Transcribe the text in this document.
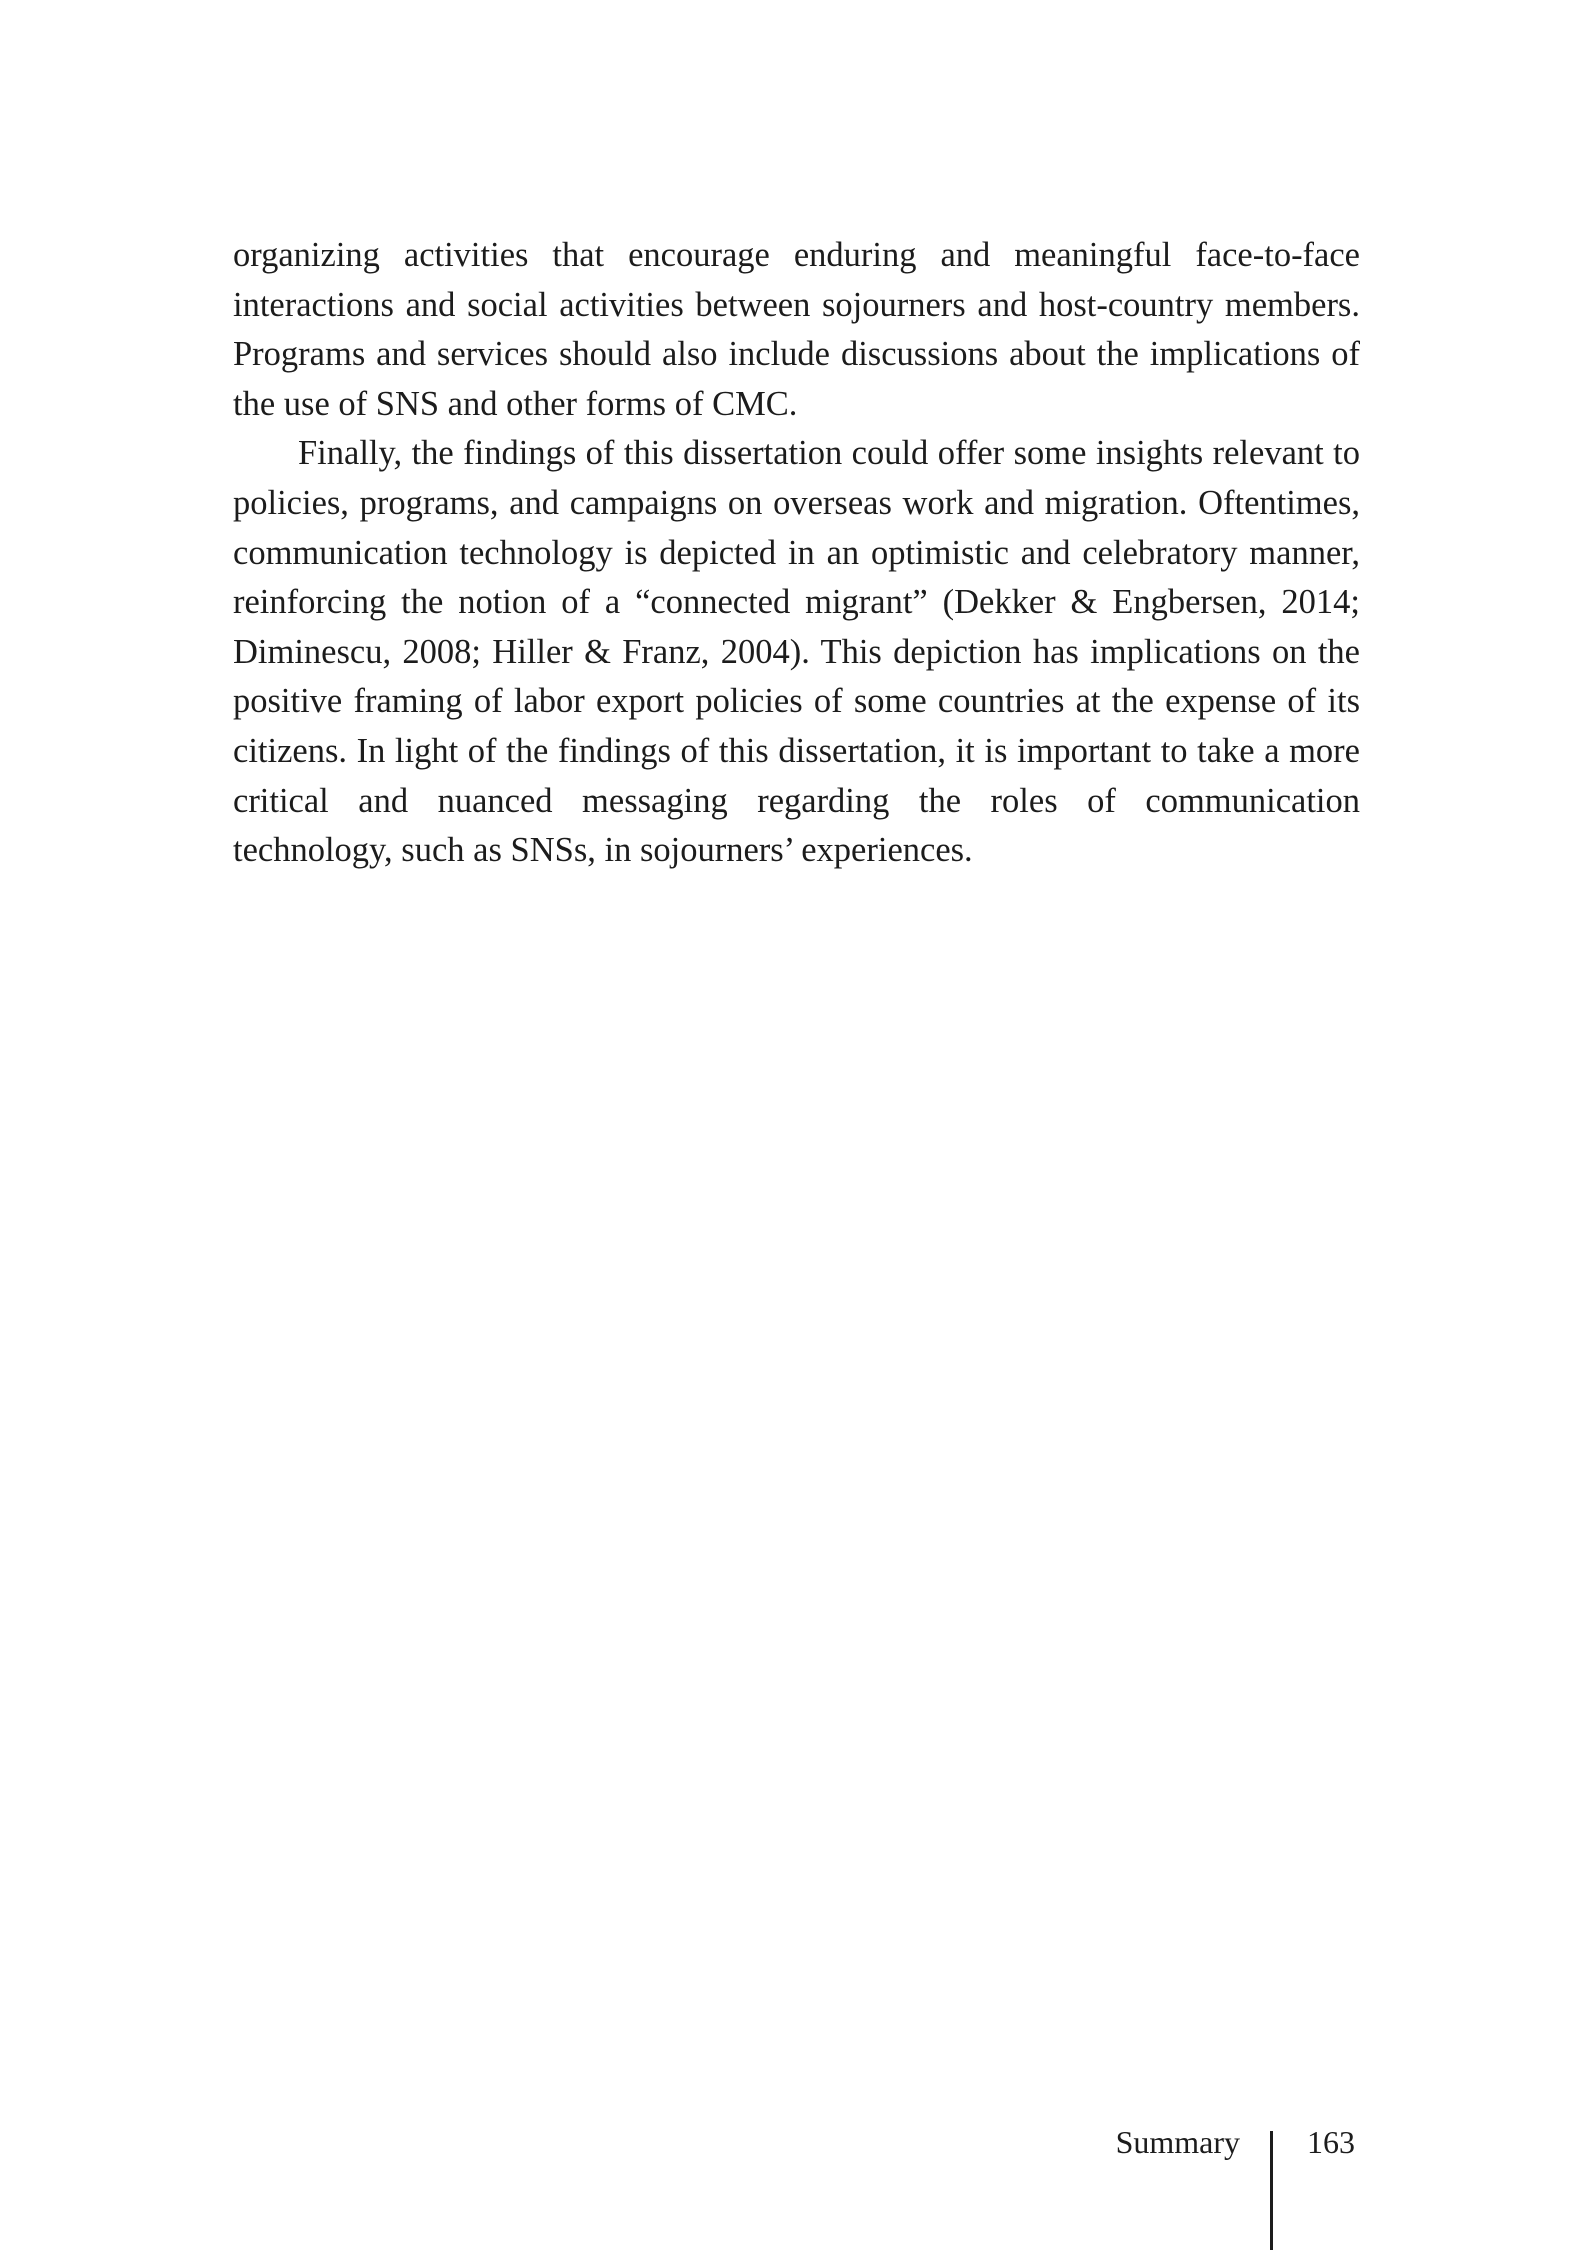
organizing activities that encourage enduring and meaningful face-to-face interactions and social activities between sojourners and host-country members. Programs and services should also include discussions about the implications of the use of SNS and other forms of CMC.

Finally, the findings of this dissertation could offer some insights relevant to policies, programs, and campaigns on overseas work and migration. Oftentimes, communication technology is depicted in an optimistic and celebratory manner, reinforcing the notion of a “connected migrant” (Dekker & Engbersen, 2014; Diminescu, 2008; Hiller & Franz, 2004). This depiction has implications on the positive framing of labor export policies of some countries at the expense of its citizens. In light of the findings of this dissertation, it is important to take a more critical and nuanced messaging regarding the roles of communication technology, such as SNSs, in sojourners’ experiences.

Summary 163
